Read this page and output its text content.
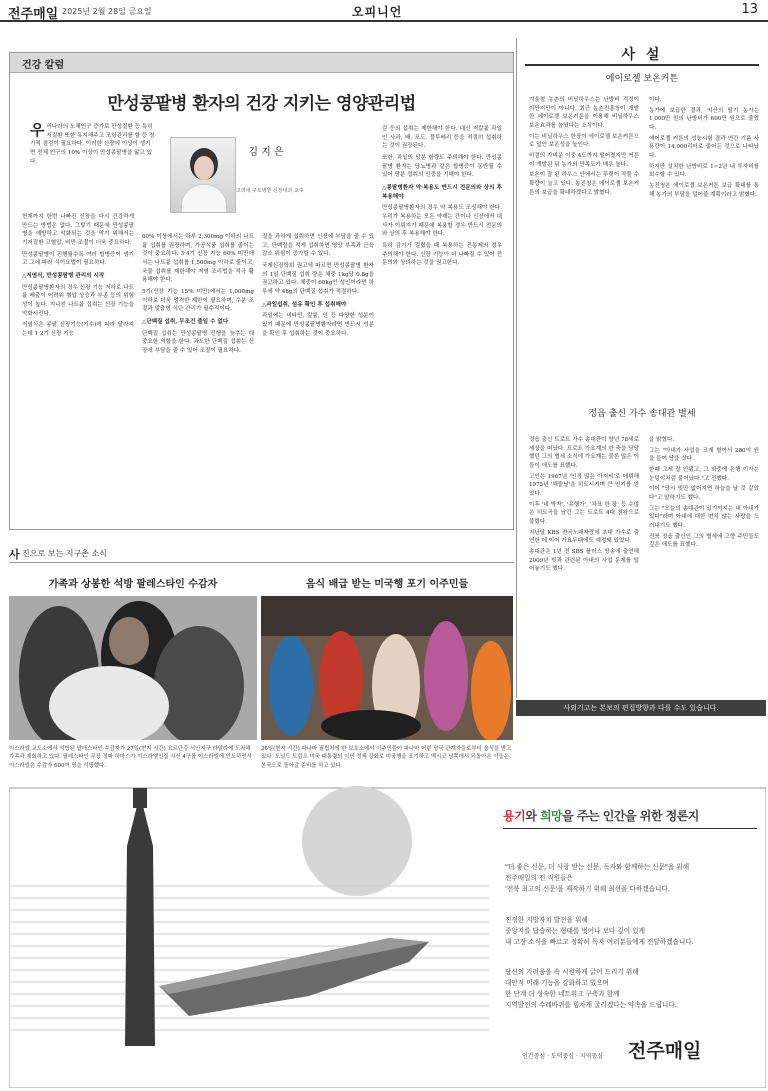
전주매일 2025년 2월 28일 금요일	오피니언	13
건강 칼럼
만성콩팥병 환자의 건강 지키는 영양관리법
우리나라의 노체인구 증가로 만성질환 등 특히 저질환 또한 유지해주고 조항관리를 할 등 정기적 점검이 필요하다. 이러한 신장에 이상이 생기면 전체 인구의 10% 이상이 만성콩팥병을 앓고 있다.
김 지 은
고려대 구로병원 신장내과 교수

현재까지 한번 나빠진 신장을 다시 건강하게 만드는 방법은 없다. 그렇기 때문에 만성콩팥병을 예방하고 악화되는 것을 막기 위해서는 기저질환 고혈압, 비만 조절이 더욱 중요하다.

만성콩팥병이 진행될수록 여러 합병증이 생기고 그에 따라 식이요법이 필요하다.

△저염식, 만성콩팥병 관리의 시작

만성콩팥병환자의 경우 신장 기능 저하로 나트륨 배출이 어려워 혈압 상승과 부종 등의 위험성이 높다. 지나친 나트륨 섭취는 신장 기능을 악화시킨다.

저염식은 콩팥 신장기능(기수)에 따라 달라지는데 1·2기 신장 기능

60% 이상에서는 하루 2,300mg 이하의 나트륨 섭취를 권장하며, 가공식품 섭취를 줄이는 것이 중요하다. 3·4기 신장 기능 60% 미만에서는 나트륨 섭취를 1,500mg 이하로 줄이고, 국물 섭취를 제한해야 저염 조리법을 적극 활용해야 한다.

5기(신장 기능 15% 미만)에서는 1,000mg 이하로 더욱 엄격한 제한이 필요하며, 수분 조절과 맞춤형 식단 관리가 필수적이다.

△단백질 섭취, 무조건 줄일 수 없다

단백질 섭취는 만성콩팥병 진행을 늦추는 데 중요한 역할을 한다. 과도한 단백질 섭취는 신장에 부담을 줄 수 있어 조절이 필요하다.

질을 과하게 섭취하면 신장에 부담을 줄 수 있고, 단백질을 적게 섭취하면 영양 부족과 근육 감소 위험이 증가할 수 있다.

국제신장학회 권고에 따르면 만성콩팥병 환자의 1일 단백질 섭취 량은 체중 1kg당 0.8g을 권고하고 있다. 체중이 60kg인 성인이라면 하루에 약 48g의 단백질 섭취가 적절하다.

△과일섭취, 섬유 확인 후 섭취해야

과일에는 비타민, 칼륨, 인 등 다양한 성분이 있기 때문에 만성콩팥병환자라면 반드시 성분을 확인 후 섭취하는 것이 중요하다.

감 등의 섭취는 제한해야 한다. 대신 저칼륨 과일인 사과, 배, 포도, 블루베리 등을 적절히 섭취하는 것이 권장된다.

또한, 과일의 당분 함량도 주의해야 한다. 만성콩팥병 환자는 당뇨병과 같은 합병증이 동반될 수 있어 당분 섭취의 신중을 기해야 한다.

△콩팥병환자 약·복용도 반드시 전문의와 상의 후 복용해야

만성콩팥병환자의 경우 약 복용도 조심해야 한다. 우리가 복용하는 모든 약제는 간이나 신장에서 대사가 이뤄지기 때문에 복용할 경우 반드시 전문의와 상의 후 복용해야 한다.

특히 감기가 걸렸을 때 복용하는 진통제의 경우 주의해야 한다. 신장 기능이 더 나빠질 수 있어 전문의와 상의하는 것을 권고한다.

사 설
에이로젤 보온커튼

겨울철 농촌의 비닐하우스는 난방비 걱정이 이만저만이 아니다. 최근 농촌진흥청이 개발한 에이로젤 보온커튼을 이용해 비닐하우스 보온효과를 높였다는 소식이다.

이는 비닐하우스 한장이 에이로젤 보온커튼으로 덮인 보온성을 높인다.

비결의 가벼운 이중 4도까지 떨어졌지만 커튼이 개발된 뒤 농가의 만족도가 매우 높다.

보온이 잘 된 하우스 안에서는 뚜렷이 작물 수확량이 늘고 있다. 농진청은 에이로젤 보온커튼의 보급을 확대하겠다고 밝혔다.

이다.

농가에 보급한 결과, 익산의 딸기 농가는 1,000만 원의 난방비가 600만 원으로 줄었다.

에어로젤 커튼의 성능시험 결과 연간 기름 사용량이 14,000리터로 줄어든 것으로 나타났다.

하지만 설치한 난방비로 1~2년 내 투자비를 회수할 수 있다.

농진청은 에이로젤 보온커튼 보급 확대를 통해 농가의 부담을 덜어줄 계획이라고 밝혔다.

정읍 출신 가수 송대관 별세

정읍 출신 트로트 가수 송대관이 향년 78세로 세상을 떠났다. 트로트 가요계의 한 축을 담당했던 그의 별세 소식에 가요계는 물론 많은 이들이 애도를 표했다.

고인은 1967년 '인정 많은 아저씨'로 데뷔해 1975년 '해뜰날'을 히트시키며 큰 인기를 얻었다.

이후 '네 박자', '유행가', '차표 한 장' 등 수많은 히트곡을 남긴 그는 트로트 4대 천왕으로 불렸다.

지난달 KBS 전국노래자랑에 초대 가수로 출연한 데 이어 가요무대에도 예정돼 있었다.

송대관은 1년 전 SBS 플러스 방송에 출연해 2009년 빚과 관련된 아내의 사업 문제를 털어놓기도 했다.

을 밝혔다.

그는 "아내가 사업을 크게 벌여서 280억 원을 들여 땅을 샀다.

한때 그게 잘 안됐고, 그 와중에 은행 이자는 눈덩이처럼 불어났다."고 전했다.

이어 "당시 빚만 없어지면 하늘을 날 것 같았다"고 말하기도 했다.

그는 "오늘의 송대관이 있기까지는 내 아내가 있다"라며 아내에 대한 변치 않는 사랑을 드러내기도 했다.

전북 정읍 출신인 그의 별세에 고향 주민들도 깊은 애도를 표했다.

사외기고는 본보의 편집방향과 다를 수도 있습니다.
사 진으로 보는 지구촌 소식
가족과 상봉한 석방 팔레스타인 수감자	음식 배급 받는 미국행 포기 이주민들
이스라엘 교도소에서 석방된 팔레스타인 수감자가 27일(현지 시간) 요르단강 서안지구 라말라에 도착해 가족과 재회하고 있다. 팔레스타인 무장 정파 하마스가 이스라엘인질 시신 4구를 이스라엘에 인도하면서 이스라엘은 수감자 600여 명을 석방했다.
26일(현지 시간) 파나마 필립처에 한 보호소에서 이주민들이 파나마 어린 당국 관계자들로부터 음식을 받고 있다. 도널드 트럼프 미국 대통령의 이민 정책 강화로 미국행을 포기하고 멕시코 남쪽에서 되돌아온 이들은 본국으로 돌아갈 준비를 하고 있다.
용기와 희망을 주는 인간을 위한 정론지
"더 좋은 신문, 더 사랑 받는 신문, 독자와 함께하는 신문"을 위해
전주매일의 전 직원들은
'전북 최고의 신문'을 제작하기 위해 최선을 다하겠습니다.
진정한 지방자치 발전을 위해
중앙지를 답습하는 형태를 벗어나 보다 깊이 있게
내 고장 소식을 빠르고 정확히 독자 여러분들에게 전달하겠습니다.
당신의 가려움을 속 시원하게 긁어 드리기 위해
대안적 미래 기능을 강화하고 있으며
한 단계 더 성숙한 네트워크 구축과 함께
지역발전의 수레바퀴를 힘차게 굴리겠다는 약속을 드립니다.
인간중심 · 도덕중심 · 지역중심 전주매일
